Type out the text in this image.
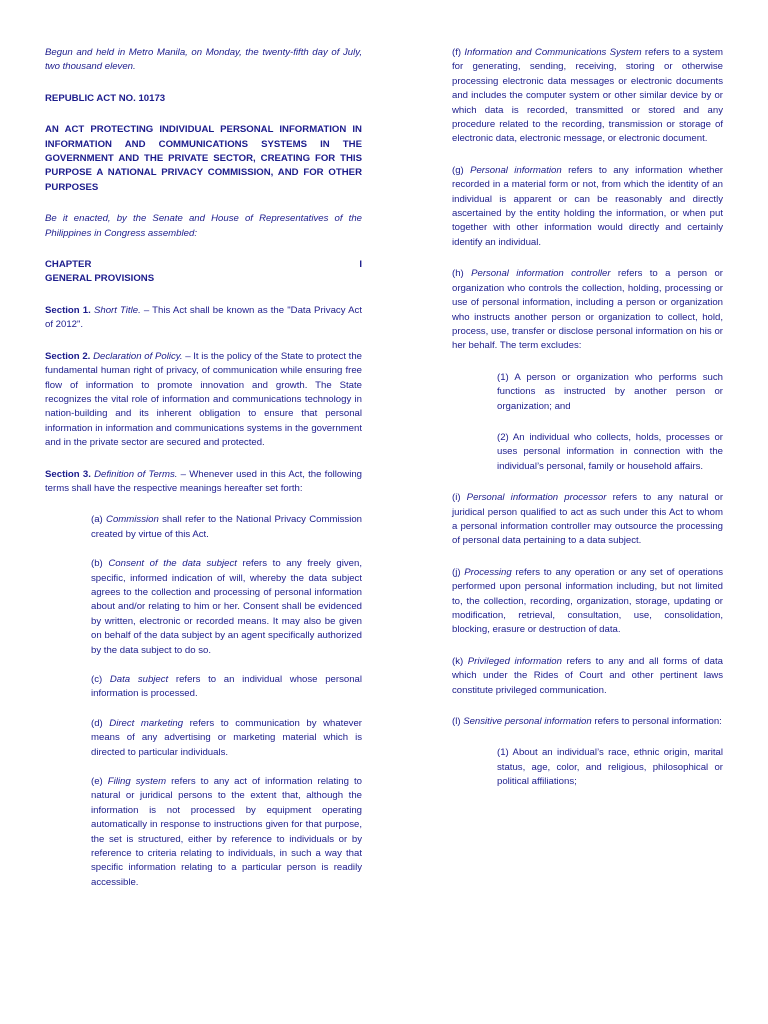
Begun and held in Metro Manila, on Monday, the twenty-fifth day of July, two thousand eleven.

REPUBLIC ACT NO. 10173

AN ACT PROTECTING INDIVIDUAL PERSONAL INFORMATION IN INFORMATION AND COMMUNICATIONS SYSTEMS IN THE GOVERNMENT AND THE PRIVATE SECTOR, CREATING FOR THIS PURPOSE A NATIONAL PRIVACY COMMISSION, AND FOR OTHER PURPOSES

Be it enacted, by the Senate and House of Representatives of the Philippines in Congress assembled:

CHAPTER	I

GENERAL PROVISIONS

Section 1. Short Title. – This Act shall be known as the "Data Privacy Act of 2012".

Section 2. Declaration of Policy. – It is the policy of the State to protect the fundamental human right of privacy, of communication while ensuring free flow of information to promote innovation and growth. The State recognizes the vital role of information and communications technology in nation-building and its inherent obligation to ensure that personal information in information and communications systems in the government and in the private sector are secured and protected.

Section 3. Definition of Terms. – Whenever used in this Act, the following terms shall have the respective meanings hereafter set forth:

(a) Commission shall refer to the National Privacy Commission created by virtue of this Act.

(b) Consent of the data subject refers to any freely given, specific, informed indication of will, whereby the data subject agrees to the collection and processing of personal information about and/or relating to him or her. Consent shall be evidenced by written, electronic or recorded means. It may also be given on behalf of the data subject by an agent specifically authorized by the data subject to do so.

(c) Data subject refers to an individual whose personal information is processed.

(d) Direct marketing refers to communication by whatever means of any advertising or marketing material which is directed to particular individuals.

(e) Filing system refers to any act of information relating to natural or juridical persons to the extent that, although the information is not processed by equipment operating automatically in response to instructions given for that purpose, the set is structured, either by reference to individuals or by reference to criteria relating to individuals, in such a way that specific information relating to a particular person is readily accessible.

(f) Information and Communications System refers to a system for generating, sending, receiving, storing or otherwise processing electronic data messages or electronic documents and includes the computer system or other similar device by or which data is recorded, transmitted or stored and any procedure related to the recording, transmission or storage of electronic data, electronic message, or electronic document.

(g) Personal information refers to any information whether recorded in a material form or not, from which the identity of an individual is apparent or can be reasonably and directly ascertained by the entity holding the information, or when put together with other information would directly and certainly identify an individual.

(h) Personal information controller refers to a person or organization who controls the collection, holding, processing or use of personal information, including a person or organization who instructs another person or organization to collect, hold, process, use, transfer or disclose personal information on his or her behalf. The term excludes:

(1) A person or organization who performs such functions as instructed by another person or organization; and

(2) An individual who collects, holds, processes or uses personal information in connection with the individual’s personal, family or household affairs.

(i) Personal information processor refers to any natural or juridical person qualified to act as such under this Act to whom a personal information controller may outsource the processing of personal data pertaining to a data subject.

(j) Processing refers to any operation or any set of operations performed upon personal information including, but not limited to, the collection, recording, organization, storage, updating or modification, retrieval, consultation, use, consolidation, blocking, erasure or destruction of data.

(k) Privileged information refers to any and all forms of data which under the Rides of Court and other pertinent laws constitute privileged communication.

(l) Sensitive personal information refers to personal information:

(1) About an individual’s race, ethnic origin, marital status, age, color, and religious, philosophical or political affiliations;
